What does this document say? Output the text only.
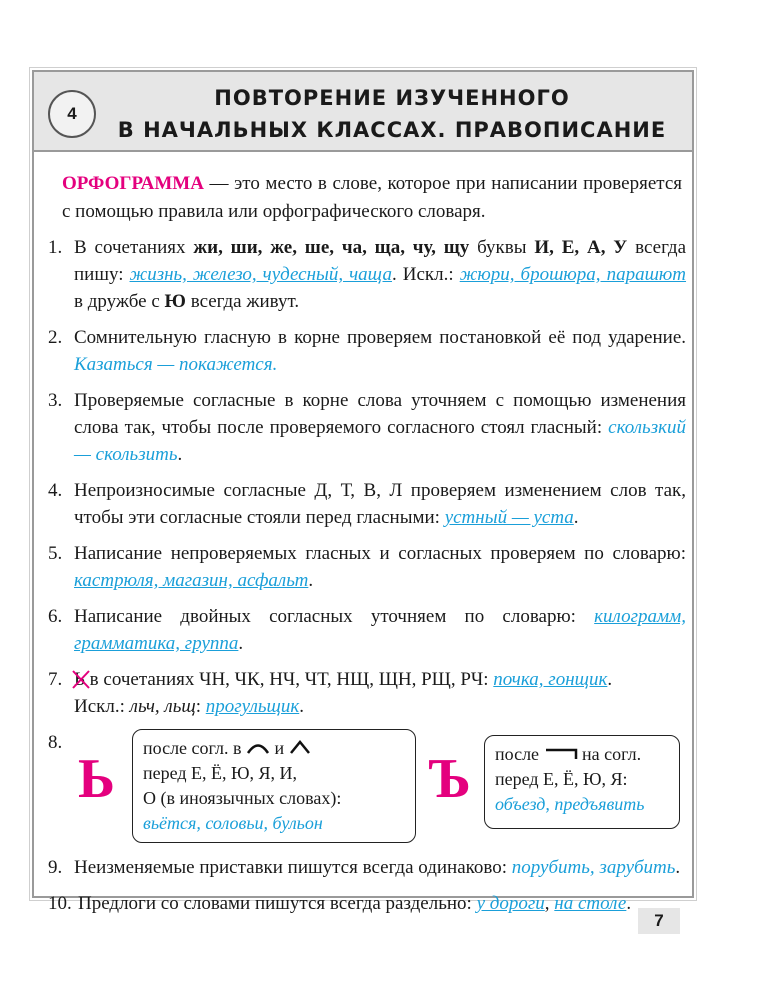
4
ПОВТОРЕНИЕ ИЗУЧЕННОГО
В НАЧАЛЬНЫХ КЛАССАХ. ПРАВОПИСАНИЕ
ОРФОГРАММА — это место в слове, которое при написании проверяется с помощью правила или орфографического словаря.
1. В сочетаниях жи, ши, же, ше, ча, ща, чу, щу буквы И, Е, А, У всегда пишу: жизнь, железо, чудесный, чаща. Искл.: жюри, брошюра, парашют в дружбе с Ю всегда живут.
2. Сомнительную гласную в корне проверяем постановкой её под ударение. Казаться — покажется.
3. Проверяемые согласные в корне слова уточняем с помощью изменения слова так, чтобы после проверяемого согласного стоял гласный: скользкий — скользить.
4. Непроизносимые согласные Д, Т, В, Л проверяем изменением слов так, чтобы эти согласные стояли перед гласными: устный — уста.
5. Написание непроверяемых гласных и согласных проверяем по словарю: кастрюля, магазин, асфальт.
6. Написание двойных согласных уточняем по словарю: килограмм, грамматика, группа.
7. Ь
в сочетаниях ЧН, ЧК, НЧ, ЧТ, НЩ, ЩН, РЩ, РЧ: почка, гонщик.
Искл.: льч, льщ: прогульщик.
8.
Ь после согл. в и
перед Е, Ё, Ю, Я, И,
О (в иноязычных словах):
вьётся, соловьи, бульон
Ъ после на согл.
перед Е, Ё, Ю, Я:
объезд, предъявить
9. Неизменяемые приставки пишутся всегда одинаково: порубить, зарубить.
10. Предлоги со словами пишутся всегда раздельно: у дороги, на столе.
7
